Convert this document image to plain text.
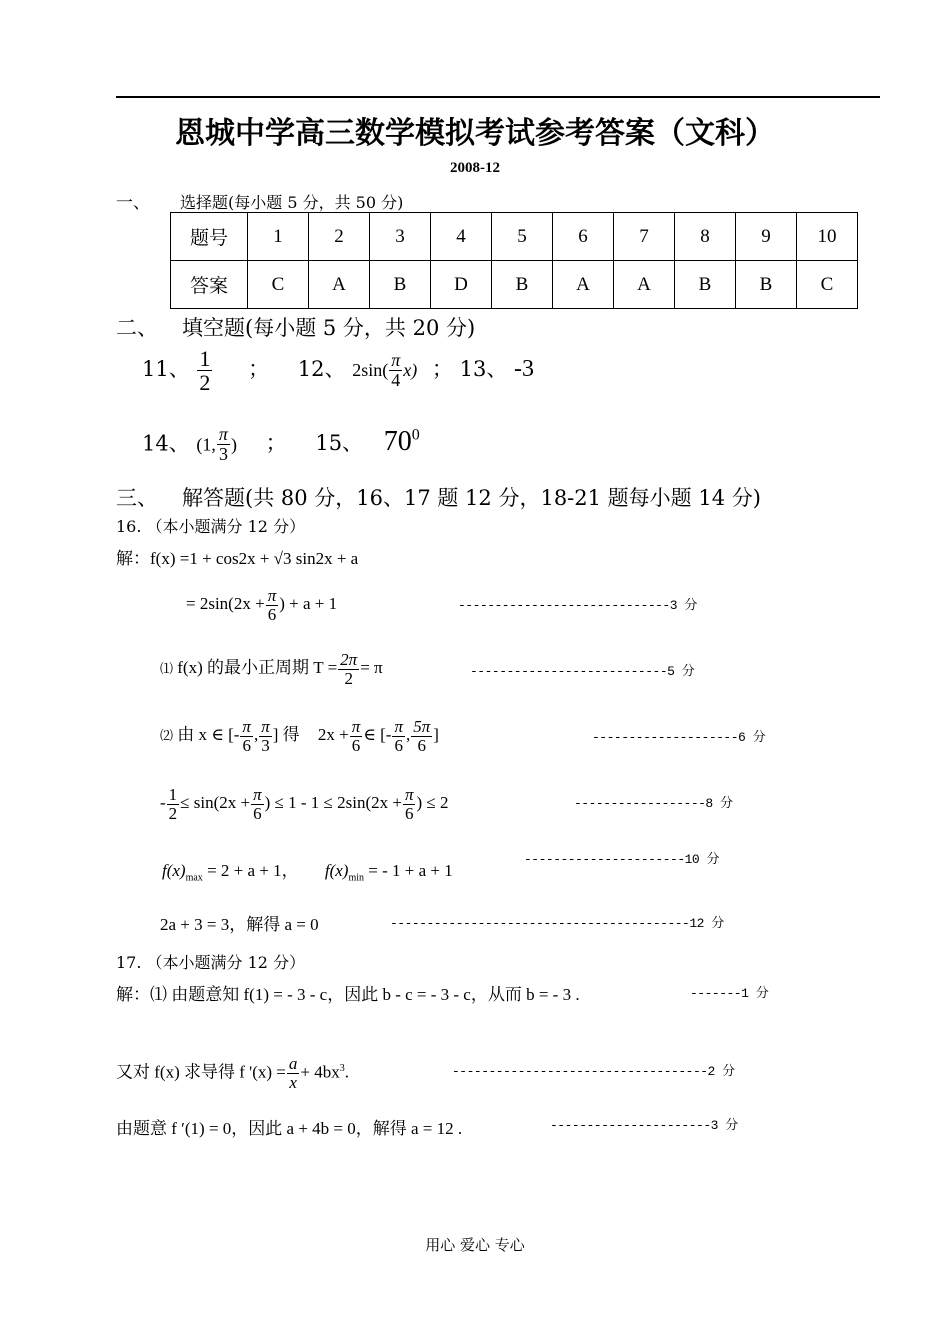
恩城中学高三数学模拟考试参考答案（文科）
2008-12
一、 选择题(每小题 5 分，共 50 分)
题号	1	2	3	4	5	6	7	8	9	10
答案	C	A	B	D	B	A	A	B	B	C
二、 填空题(每小题 5 分，共 20 分)
11、 $\frac{1}{2}$ ； 12、 $2\sin( \frac{\pi}{4} x)$ ； 13、 -3
14、 (1, $\frac{\pi}{3}$ ) ； 15、 $70^0$
三、 解答题(共 80 分，16、17 题 12 分，18-21 题每小题 14 分)
16. （本小题满分 12 分）
解：f(x) =1 + cos2x + √3 sin2x + a
= $2\sin(2x + \frac{\pi}{6}$ ) + a + 1	-----------------------------3 分
⑴ f(x) 的最小正周期 $T = \frac{2\pi}{2} = \pi$	---------------------------5 分
⑵ 由 x ∈ [- $\frac{\pi}{6}$ , $\frac{\pi}{3}$ ] 得 $2x + \frac{\pi}{6}$ ∈ [- $\frac{\pi}{6}$ , $\frac{5\pi}{6}$ ]	--------------------6 分
- $\frac{1}{2} \le \sin(2x + \frac{\pi}{6}$ ) ≤ $1 - 1 \le 2\sin(2x + \frac{\pi}{6}$ ) ≤ 2	------------------8 分
$f(x)_{max} = 2 + a + 1$， $f(x)_{min}$ = - 1 + a + 1
----------------------10 分
2a + 3 = 3，解得 a = 0	-----------------------------------------12 分
17. （本小题满分 12 分）
解：⑴ 由题意知 f(1) = - 3 - c，因此 b - c = - 3 - c，从而 b = - 3 .	-------1 分
又对 f(x) 求导得 f '$(x) = \frac{a}{x} + 4bx^3$.	-----------------------------------2 分
由题意 f ′(1) = 0，因此 a + 4b = 0，解得 a = 12 .	----------------------3 分
用心 爱心 专心
